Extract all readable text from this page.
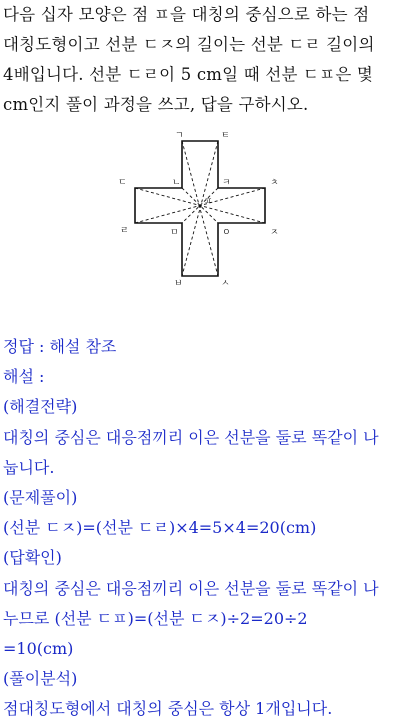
다음 십자 모양은 점 ㅍ을 대칭의 중심으로 하는 점
대칭도형이고 선분 ㄷㅈ의 길이는 선분 ㄷㄹ 길이의
4배입니다. 선분 ㄷㄹ이 5 cm일 때 선분 ㄷㅍ은 몇
cm인지 풀이 과정을 쓰고, 답을 구하시오.
ㄱ	ㅌ
ㄷ	ㄴ	ㅋ	ㅊ
ㅍ
ㄹ	ㅁ	ㅇ	ㅈ
ㅂ	ㅅ
정답 : 해설 참조
해설 :
(해결전략)
대칭의 중심은 대응점끼리 이은 선분을 둘로 똑같이 나
눕니다.
(문제풀이)
(선분 ㄷㅈ)=(선분 ㄷㄹ)×4=5×4=20(cm)
(답확인)
대칭의 중심은 대응점끼리 이은 선분을 둘로 똑같이 나
누므로 (선분 ㄷㅍ)=(선분 ㄷㅈ)÷2=20÷2
=10(cm)
(풀이분석)
점대칭도형에서 대칭의 중심은 항상 1개입니다.
